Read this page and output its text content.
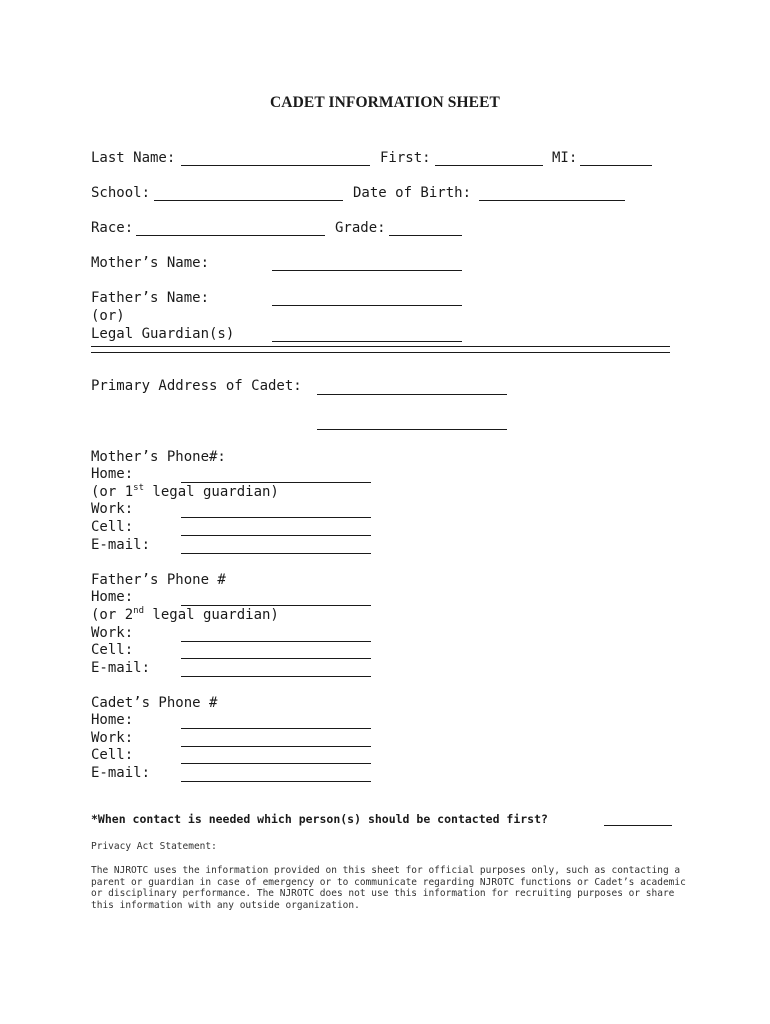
CADET INFORMATION SHEET
Last Name:	First:	MI:
School:	Date of Birth:
Race:	Grade:
Mother’s Name:
Father’s Name:
(or)
Legal Guardian(s)
Primary Address of Cadet:
Mother’s Phone#:
Home:
(or 1st legal guardian)
Work:
Cell:
E-mail:
Father’s Phone #
Home:
(or 2nd legal guardian)
Work:
Cell:
E-mail:
Cadet’s Phone #
Home:
Work:
Cell:
E-mail:
*When contact is needed which person(s) should be contacted first?
Privacy Act Statement:
The NJROTC uses the information provided on this sheet for official purposes only, such as contacting a parent or guardian in case of emergency or to communicate regarding NJROTC functions or Cadet’s academic or disciplinary performance. The NJROTC does not use this information for recruiting purposes or share this information with any outside organization.
